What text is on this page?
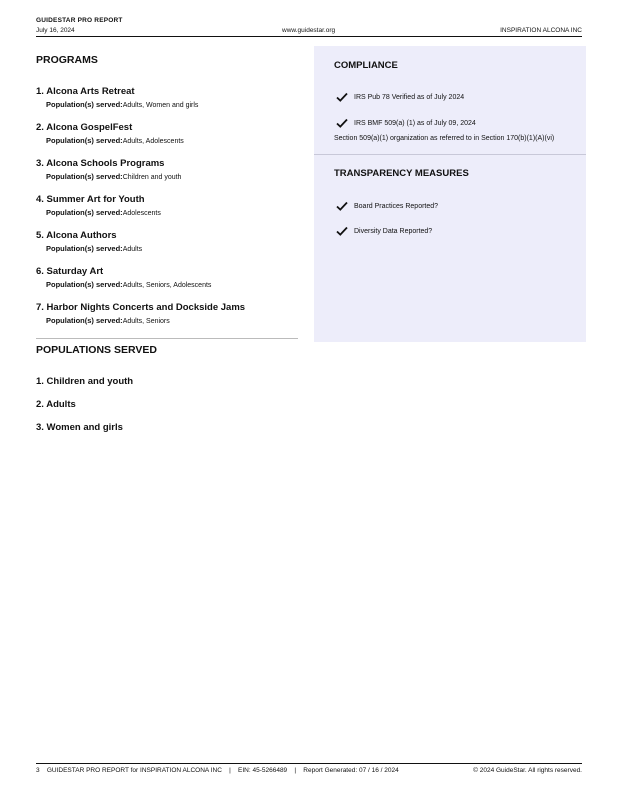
GUIDESTAR PRO REPORT
July 16, 2024	www.guidestar.org	INSPIRATION ALCONA INC
PROGRAMS
1. Alcona Arts Retreat
Population(s) served:Adults, Women and girls
2. Alcona GospelFest
Population(s) served:Adults, Adolescents
3. Alcona Schools Programs
Population(s) served:Children and youth
4. Summer Art for Youth
Population(s) served:Adolescents
5. Alcona Authors
Population(s) served:Adults
6. Saturday Art
Population(s) served:Adults, Seniors, Adolescents
7. Harbor Nights Concerts and Dockside Jams
Population(s) served:Adults, Seniors
POPULATIONS SERVED
1. Children and youth
2. Adults
3. Women and girls
COMPLIANCE
IRS Pub 78 Verified as of July 2024
IRS BMF 509(a) (1) as of July 09, 2024
Section 509(a)(1) organization as referred to in Section 170(b)(1)(A)(vi)
TRANSPARENCY MEASURES
Board Practices Reported?
Diversity Data Reported?
3    GUIDESTAR PRO REPORT for INSPIRATION ALCONA INC    |    EIN: 45-5266489    |    Report Generated: 07 / 16 / 2024	© 2024 GuideStar. All rights reserved.
